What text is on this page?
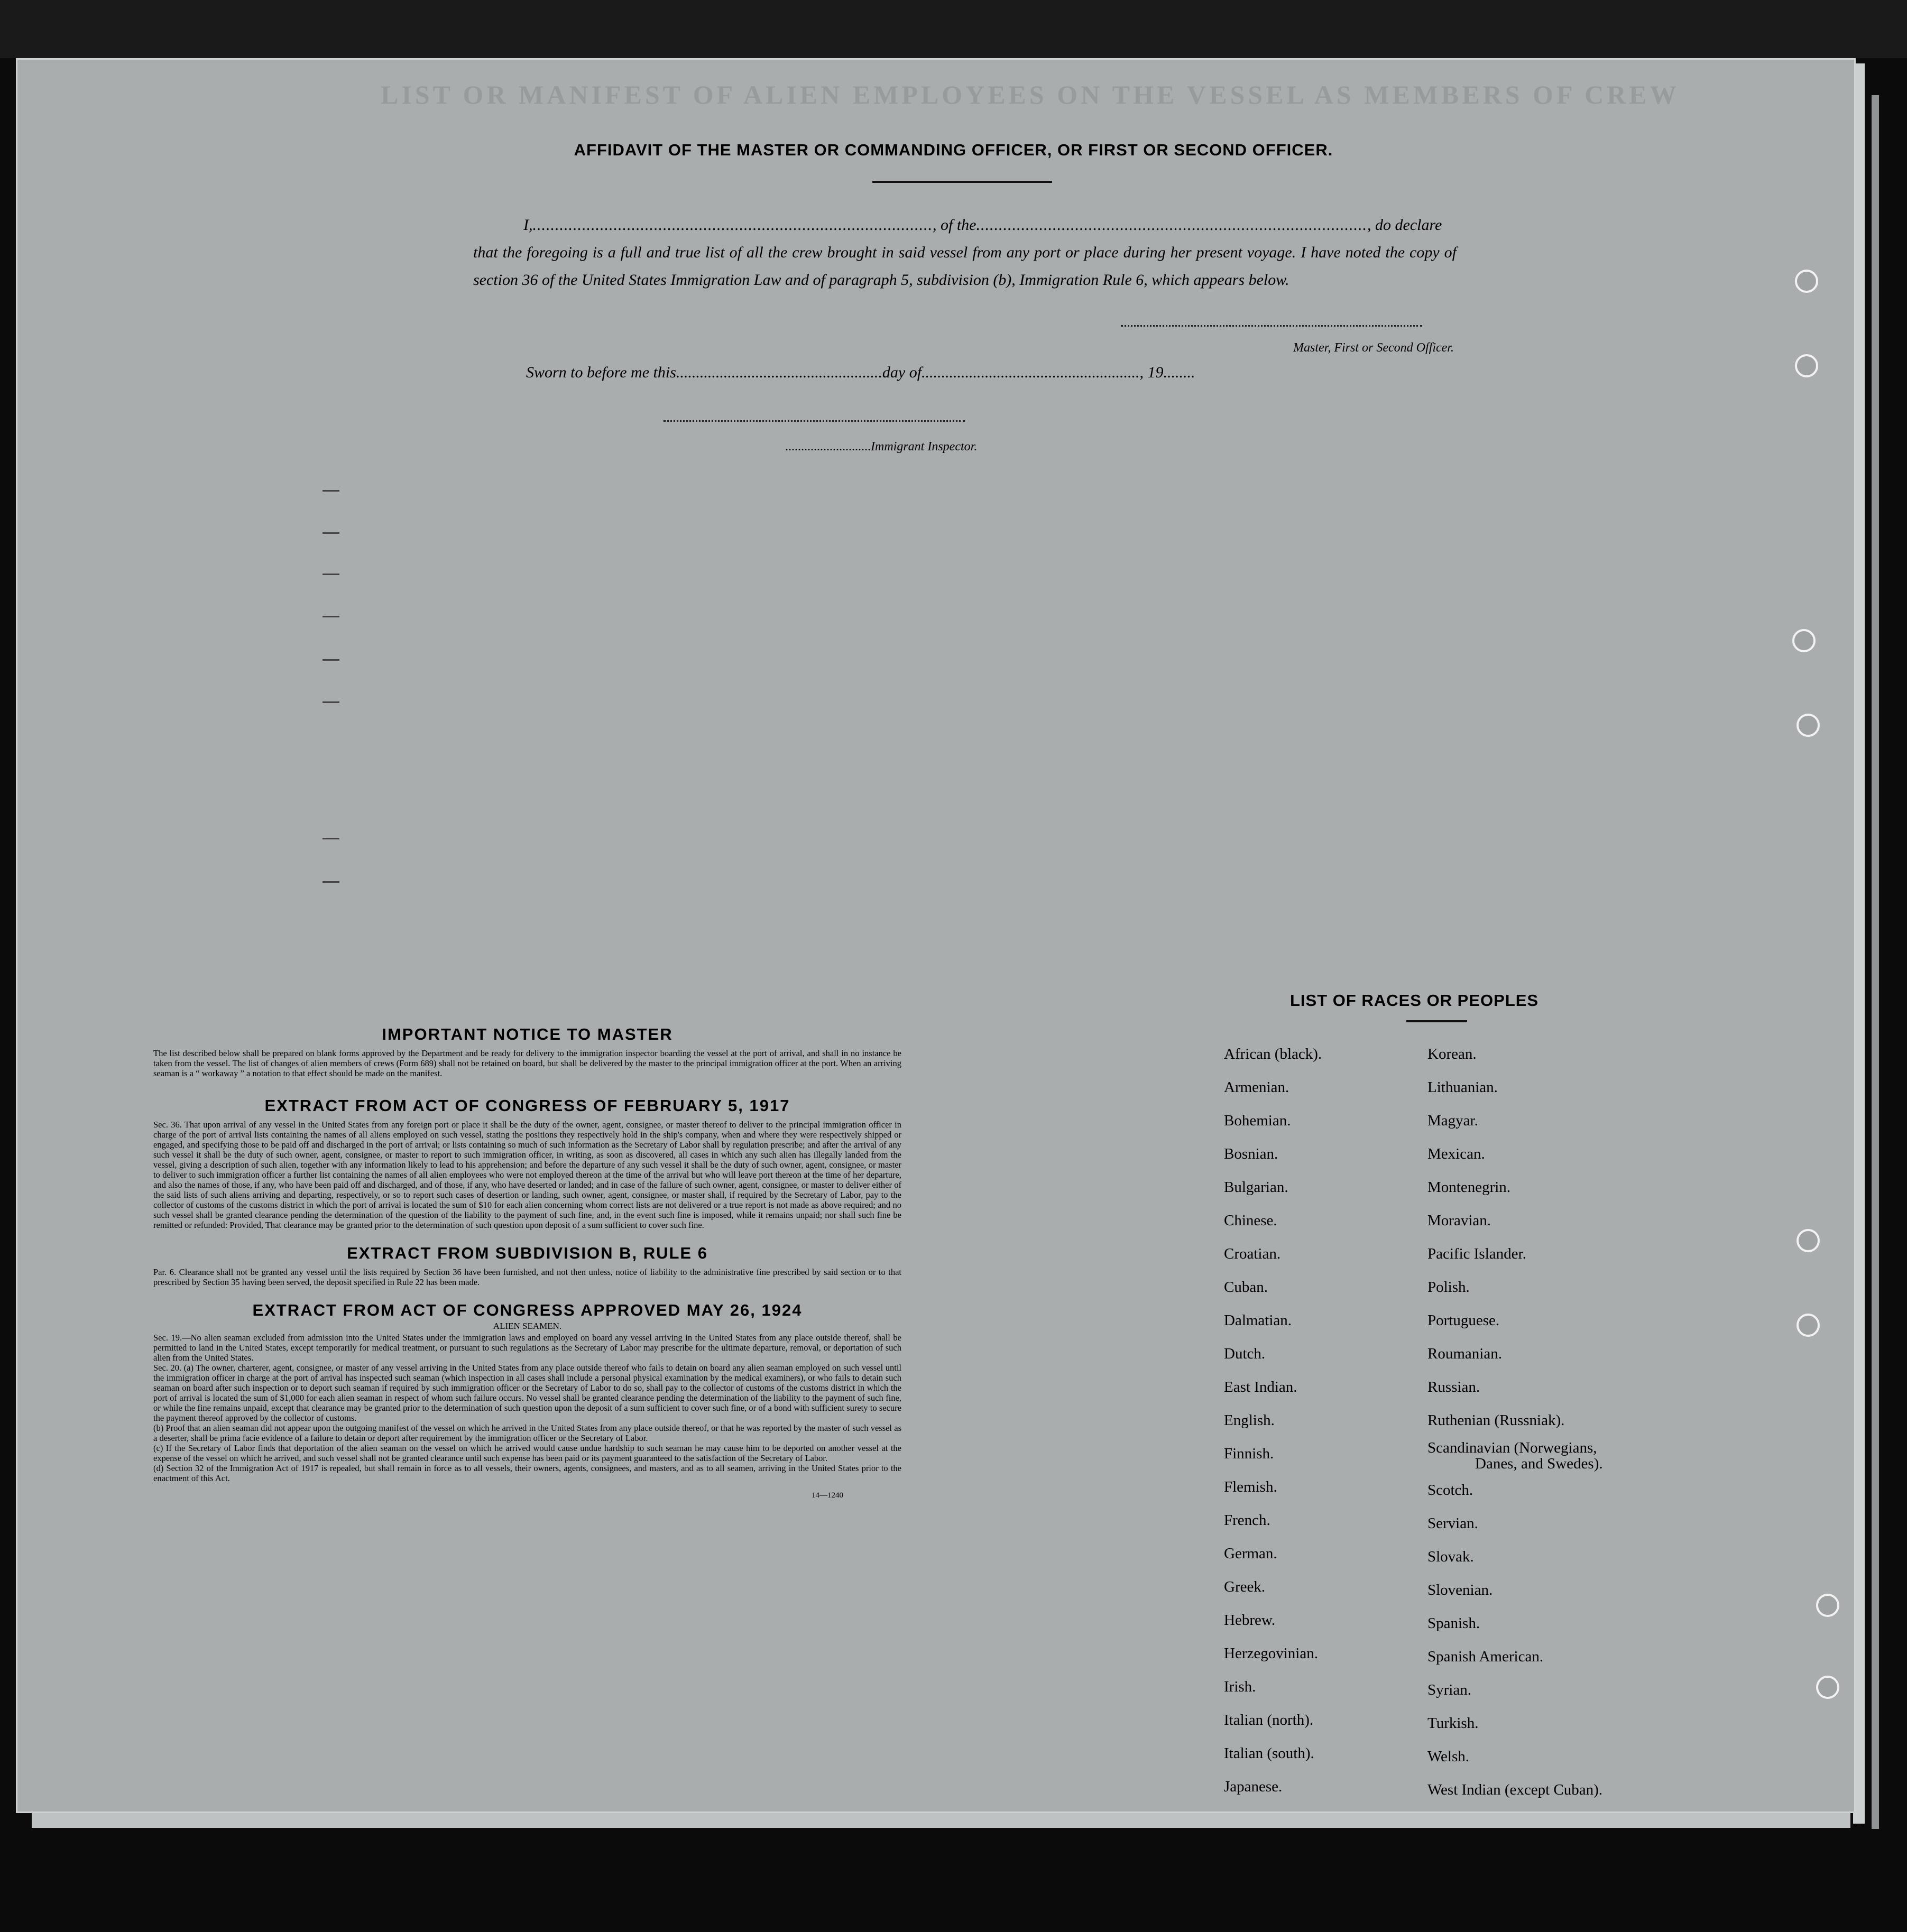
LIST OR MANIFEST OF ALIEN EMPLOYEES ON THE VESSEL AS MEMBERS OF CREW
AFFIDAVIT OF THE MASTER OR COMMANDING OFFICER, OR FIRST OR SECOND OFFICER.
I,........................................................................................., of the......................................................................................., do declare
that the foregoing is a full and true list of all the crew brought in said vessel from any port or place during her present voyage. I have noted the copy of section 36 of the United States Immigration Law and of paragraph 5, subdivision (b), Immigration Rule 6, which appears below.
Master, First or Second Officer.
Sworn to before me this....................................................day of......................................................., 19........
...........................Immigrant Inspector.

IMPORTANT NOTICE TO MASTER

The list described below shall be prepared on blank forms approved by the Department and be ready for delivery to the immigration inspector boarding the vessel at the port of arrival, and shall in no instance be taken from the vessel. The list of changes of alien members of crews (Form 689) shall not be retained on board, but shall be delivered by the master to the principal immigration officer at the port. When an arriving seaman is a “ workaway ” a notation to that effect should be made on the manifest.

EXTRACT FROM ACT OF CONGRESS OF FEBRUARY 5, 1917

Sec. 36. That upon arrival of any vessel in the United States from any foreign port or place it shall be the duty of the owner, agent, consignee, or master thereof to deliver to the principal immigration officer in charge of the port of arrival lists containing the names of all aliens employed on such vessel, stating the positions they respectively hold in the ship's company, when and where they were respectively shipped or engaged, and specifying those to be paid off and discharged in the port of arrival; or lists containing so much of such information as the Secretary of Labor shall by regulation prescribe; and after the arrival of any such vessel it shall be the duty of such owner, agent, consignee, or master to report to such immigration officer, in writing, as soon as discovered, all cases in which any such alien has illegally landed from the vessel, giving a description of such alien, together with any information likely to lead to his apprehension; and before the departure of any such vessel it shall be the duty of such owner, agent, consignee, or master to deliver to such immigration officer a further list containing the names of all alien employees who were not employed thereon at the time of the arrival but who will leave port thereon at the time of her departure, and also the names of those, if any, who have been paid off and discharged, and of those, if any, who have deserted or landed; and in case of the failure of such owner, agent, consignee, or master to deliver either of the said lists of such aliens arriving and departing, respectively, or so to report such cases of desertion or landing, such owner, agent, consignee, or master shall, if required by the Secretary of Labor, pay to the collector of customs of the customs district in which the port of arrival is located the sum of $10 for each alien concerning whom correct lists are not delivered or a true report is not made as above required; and no such vessel shall be granted clearance pending the determination of the question of the liability to the payment of such fine, and, in the event such fine is imposed, while it remains unpaid; nor shall such fine be remitted or refunded: Provided, That clearance may be granted prior to the determination of such question upon deposit of a sum sufficient to cover such fine.

EXTRACT FROM SUBDIVISION B, RULE 6

Par. 6. Clearance shall not be granted any vessel until the lists required by Section 36 have been furnished, and not then unless, notice of liability to the administrative fine prescribed by said section or to that prescribed by Section 35 having been served, the deposit specified in Rule 22 has been made.

EXTRACT FROM ACT OF CONGRESS APPROVED MAY 26, 1924

ALIEN SEAMEN.

Sec. 19.—No alien seaman excluded from admission into the United States under the immigration laws and employed on board any vessel arriving in the United States from any place outside thereof, shall be permitted to land in the United States, except temporarily for medical treatment, or pursuant to such regulations as the Secretary of Labor may prescribe for the ultimate departure, removal, or deportation of such alien from the United States.

Sec. 20. (a) The owner, charterer, agent, consignee, or master of any vessel arriving in the United States from any place outside thereof who fails to detain on board any alien seaman employed on such vessel until the immigration officer in charge at the port of arrival has inspected such seaman (which inspection in all cases shall include a personal physical examination by the medical examiners), or who fails to detain such seaman on board after such inspection or to deport such seaman if required by such immigration officer or the Secretary of Labor to do so, shall pay to the collector of customs of the customs district in which the port of arrival is located the sum of $1,000 for each alien seaman in respect of whom such failure occurs. No vessel shall be granted clearance pending the determination of the liability to the payment of such fine, or while the fine remains unpaid, except that clearance may be granted prior to the determination of such question upon the deposit of a sum sufficient to cover such fine, or of a bond with sufficient surety to secure the payment thereof approved by the collector of customs.

(b) Proof that an alien seaman did not appear upon the outgoing manifest of the vessel on which he arrived in the United States from any place outside thereof, or that he was reported by the master of such vessel as a deserter, shall be prima facie evidence of a failure to detain or deport after requirement by the immigration officer or the Secretary of Labor.

(c) If the Secretary of Labor finds that deportation of the alien seaman on the vessel on which he arrived would cause undue hardship to such seaman he may cause him to be deported on another vessel at the expense of the vessel on which he arrived, and such vessel shall not be granted clearance until such expense has been paid or its payment guaranteed to the satisfaction of the Secretary of Labor.

(d) Section 32 of the Immigration Act of 1917 is repealed, but shall remain in force as to all vessels, their owners, agents, consignees, and masters, and as to all seamen, arriving in the United States prior to the enactment of this Act.

14—1240

LIST OF RACES OR PEOPLES
African (black).
Armenian.
Bohemian.
Bosnian.
Bulgarian.
Chinese.
Croatian.
Cuban.
Dalmatian.
Dutch.
East Indian.
English.
Finnish.
Flemish.
French.
German.
Greek.
Hebrew.
Herzegovinian.
Irish.
Italian (north).
Italian (south).
Japanese.
Korean.
Lithuanian.
Magyar.
Mexican.
Montenegrin.
Moravian.
Pacific Islander.
Polish.
Portuguese.
Roumanian.
Russian.
Ruthenian (Russniak).
Scandinavian (Norwegians,
Danes, and Swedes).
Scotch.
Servian.
Slovak.
Slovenian.
Spanish.
Spanish American.
Syrian.
Turkish.
Welsh.
West Indian (except Cuban).
